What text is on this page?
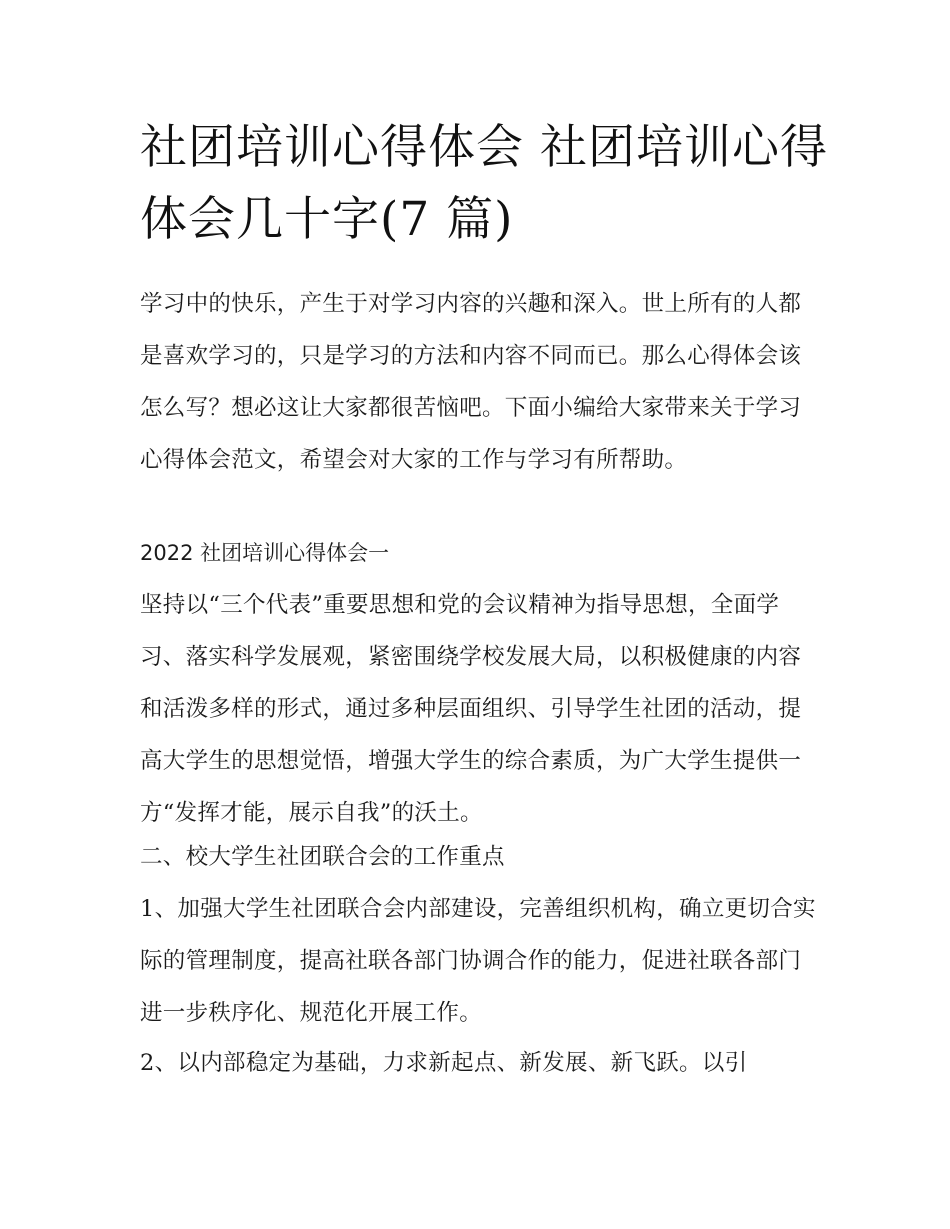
社团培训心得体会 社团培训心得体会几十字(7 篇)

学习中的快乐，产生于对学习内容的兴趣和深入。世上所有的人都是喜欢学习的，只是学习的方法和内容不同而已。那么心得体会该怎么写？想必这让大家都很苦恼吧。下面小编给大家带来关于学习心得体会范文，希望会对大家的工作与学习有所帮助。

2022 社团培训心得体会一

坚持以“三个代表”重要思想和党的会议精神为指导思想，全面学习、落实科学发展观，紧密围绕学校发展大局，以积极健康的内容和活泼多样的形式，通过多种层面组织、引导学生社团的活动，提高大学生的思想觉悟，增强大学生的综合素质，为广大学生提供一方“发挥才能，展示自我”的沃土。

二、校大学生社团联合会的工作重点

1、加强大学生社团联合会内部建设，完善组织机构，确立更切合实际的管理制度，提高社联各部门协调合作的能力，促进社联各部门进一步秩序化、规范化开展工作。

2、以内部稳定为基础，力求新起点、新发展、新飞跃。以引
